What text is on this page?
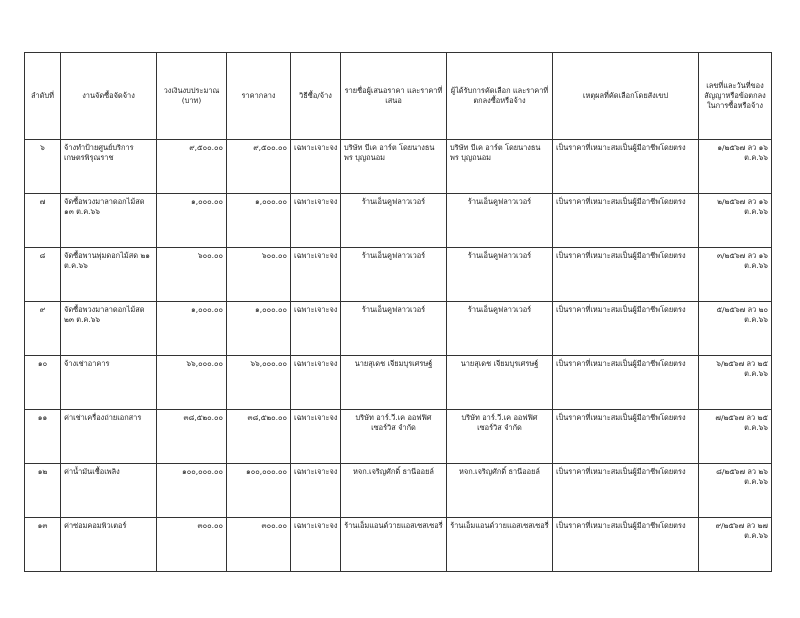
ลำดับที่	งานจัดซื้อจัดจ้าง	วงเงินงบประมาณ (บาท)	ราคากลาง	วิธีซื้อ/จ้าง	รายชื่อผู้เสนอราคา และราคาที่เสนอ	ผู้ได้รับการคัดเลือก และราคาที่ตกลงซื้อหรือจ้าง	เหตุผลที่คัดเลือกโดยสังเขป	เลขที่และวันที่ของสัญญาหรือข้อตกลงในการซื้อหรือจ้าง
๖	จ้างทำป้ายศูนย์บริการเกษตรพิรุณราช	๙,๕๐๐.๐๐	๙,๕๐๐.๐๐	เฉพาะเจาะจง	บริษัท บีเค อาร์ต โดยนางธนพร บุญถนอม	บริษัท บีเค อาร์ต โดยนางธนพร บุญถนอม	เป็นราคาที่เหมาะสมเป็นผู้มีอาชีพโดยตรง	๑/๒๕๖๗ ลว ๑๖ ต.ค.๖๖
๗	จัดซื้อพวงมาลาดอกไม้สด ๑๓ ต.ค.๖๖	๑,๐๐๐.๐๐	๑,๐๐๐.๐๐	เฉพาะเจาะจง	ร้านเอ็นคูฟลาวเวอร์	ร้านเอ็นคูฟลาวเวอร์	เป็นราคาที่เหมาะสมเป็นผู้มีอาชีพโดยตรง	๒/๒๕๖๗ ลว ๑๖ ต.ค.๖๖
๘	จัดซื้อพานพุ่มดอกไม้สด ๒๑ ต.ค.๖๖	๖๐๐.๐๐	๖๐๐.๐๐	เฉพาะเจาะจง	ร้านเอ็นคูฟลาวเวอร์	ร้านเอ็นคูฟลาวเวอร์	เป็นราคาที่เหมาะสมเป็นผู้มีอาชีพโดยตรง	๓/๒๕๖๗ ลว ๑๖ ต.ค.๖๖
๙	จัดซื้อพวงมาลาดอกไม้สด ๒๓ ต.ค.๖๖	๑,๐๐๐.๐๐	๑,๐๐๐.๐๐	เฉพาะเจาะจง	ร้านเอ็นคูฟลาวเวอร์	ร้านเอ็นคูฟลาวเวอร์	เป็นราคาที่เหมาะสมเป็นผู้มีอาชีพโดยตรง	๕/๒๕๖๗ ลว ๒๐ ต.ค.๖๖
๑๐	จ้างเช่าอาคาร	๖๖,๐๐๐.๐๐	๖๖,๐๐๐.๐๐	เฉพาะเจาะจง	นายสุเดช เจียมบุรเศรษฐ์	นายสุเดช เจียมบุรเศรษฐ์	เป็นราคาที่เหมาะสมเป็นผู้มีอาชีพโดยตรง	๖/๒๕๖๗ ลว ๒๕ ต.ค.๖๖
๑๑	ค่าเช่าเครื่องถ่ายเอกสาร	๓๘,๕๒๐.๐๐	๓๘,๕๒๐.๐๐	เฉพาะเจาะจง	บริษัท อาร์.วี.เค ออฟฟิศ เซอร์วิส จำกัด	บริษัท อาร์.วี.เค ออฟฟิศ เซอร์วิส จำกัด	เป็นราคาที่เหมาะสมเป็นผู้มีอาชีพโดยตรง	๗/๒๕๖๗ ลว ๒๕ ต.ค.๖๖
๑๒	ค่าน้ำมันเชื้อเพลิง	๑๐๐,๐๐๐.๐๐	๑๐๐,๐๐๐.๐๐	เฉพาะเจาะจง	หจก.เจริญศักดิ์ ธานีออยล์	หจก.เจริญศักดิ์ ธานีออยล์	เป็นราคาที่เหมาะสมเป็นผู้มีอาชีพโดยตรง	๘/๒๕๖๗ ลว ๒๖ ต.ค.๖๖
๑๓	ค่าซ่อมคอมพิวเตอร์	๓๐๐.๐๐	๓๐๐.๐๐	เฉพาะเจาะจง	ร้านเอ็มแอนด์วายแอสเซสเซอรี่	ร้านเอ็มแอนด์วายแอสเซสเซอรี่	เป็นราคาที่เหมาะสมเป็นผู้มีอาชีพโดยตรง	๙/๒๕๖๗ ลว ๒๗ ต.ค.๖๖
